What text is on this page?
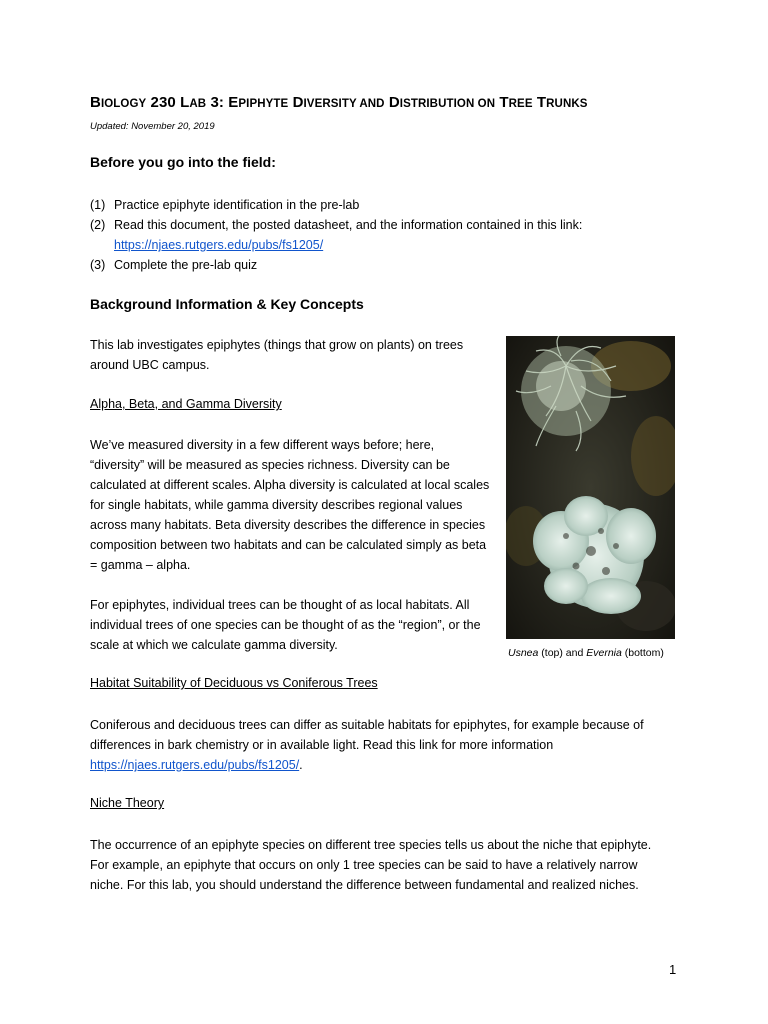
BIOLOGY 230 LAB 3: EPIPHYTE DIVERSITY AND DISTRIBUTION ON TREE TRUNKS
Updated: November 20, 2019
Before you go into the field:
(1) Practice epiphyte identification in the pre-lab
(2) Read this document, the posted datasheet, and the information contained in this link:
https://njaes.rutgers.edu/pubs/fs1205/
(3) Complete the pre-lab quiz
Background Information & Key Concepts
This lab investigates epiphytes (things that grow on plants) on trees
around UBC campus.
Alpha, Beta, and Gamma Diversity
We’ve measured diversity in a few different ways before; here,
“diversity” will be measured as species richness. Diversity can be
calculated at different scales. Alpha diversity is calculated at local scales
for single habitats, while gamma diversity describes regional values
across many habitats. Beta diversity describes the difference in species
composition between two habitats and can be calculated simply as beta
= gamma – alpha.
For epiphytes, individual trees can be thought of as local habitats. All
individual trees of one species can be thought of as the “region”, or the
scale at which we calculate gamma diversity.
Usnea (top) and Evernia (bottom)
Habitat Suitability of Deciduous vs Coniferous Trees
Coniferous and deciduous trees can differ as suitable habitats for epiphytes, for example because of
differences in bark chemistry or in available light. Read this link for more information
https://njaes.rutgers.edu/pubs/fs1205/.
Niche Theory
The occurrence of an epiphyte species on different tree species tells us about the niche that epiphyte.
For example, an epiphyte that occurs on only 1 tree species can be said to have a relatively narrow
niche. For this lab, you should understand the difference between fundamental and realized niches.
1
